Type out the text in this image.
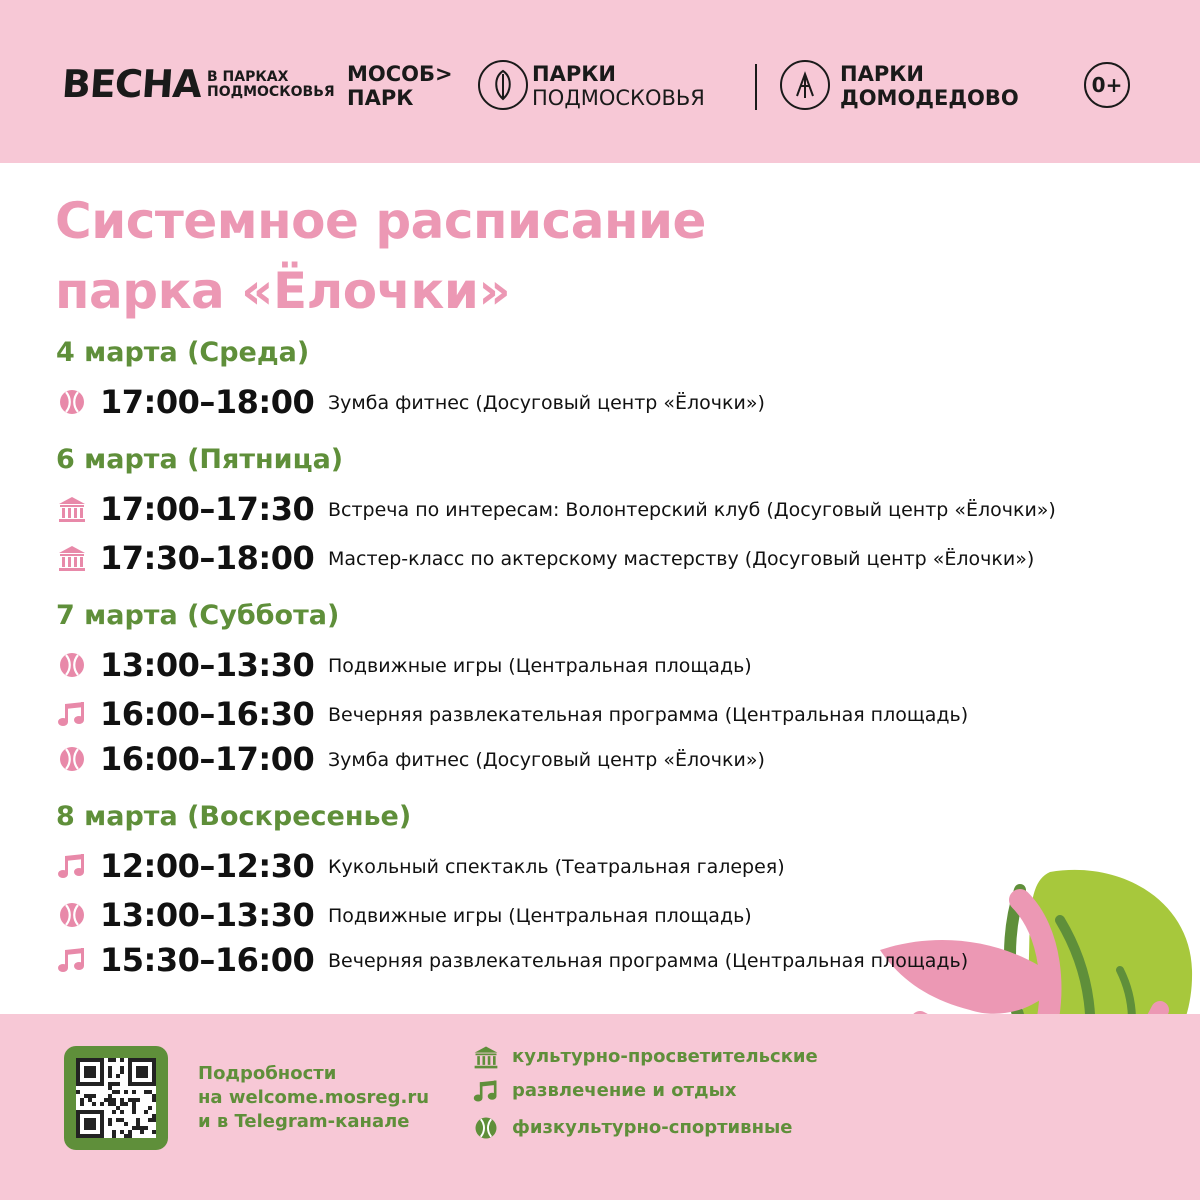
ВЕСНА В ПАРКАХ
ПОДМОСКОВЬЯ
МОСОБ>
ПАРК
ПАРКИ
ПОДМОСКОВЬЯ
ПАРКИ
ДОМОДЕДОВО
0+
Системное расписание
парка «Ёлочки»
4 марта (Среда)
17:00–18:00 Зумба фитнес (Досуговый центр «Ёлочки»)
6 марта (Пятница)
17:00–17:30 Встреча по интересам: Волонтерский клуб (Досуговый центр «Ёлочки»)
17:30–18:00 Мастер-класс по актерскому мастерству (Досуговый центр «Ёлочки»)
7 марта (Суббота)
13:00–13:30 Подвижные игры (Центральная площадь)
16:00–16:30 Вечерняя развлекательная программа (Центральная площадь)
16:00–17:00 Зумба фитнес (Досуговый центр «Ёлочки»)
8 марта (Воскресенье)
12:00–12:30 Кукольный спектакль (Театральная галерея)
13:00–13:30 Подвижные игры (Центральная площадь)
15:30–16:00 Вечерняя развлекательная программа (Центральная площадь)

Подробности
на welcome.mosreg.ru
и в Telegram-канале

культурно-просветительские
развлечение и отдых
физкультурно-спортивные
